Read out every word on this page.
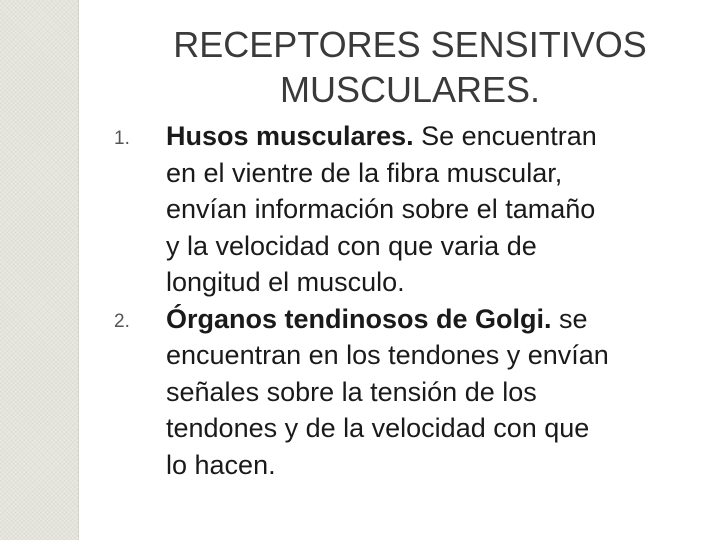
RECEPTORES SENSITIVOS
MUSCULARES.
1. Husos musculares. Se encuentran
en el vientre de la fibra muscular,
envían información sobre el tamaño
y la velocidad con que varia de
longitud el musculo.
2. Órganos tendinosos de Golgi. se
encuentran en los tendones y envían
señales sobre la tensión de los
tendones y de la velocidad con que
lo hacen.
